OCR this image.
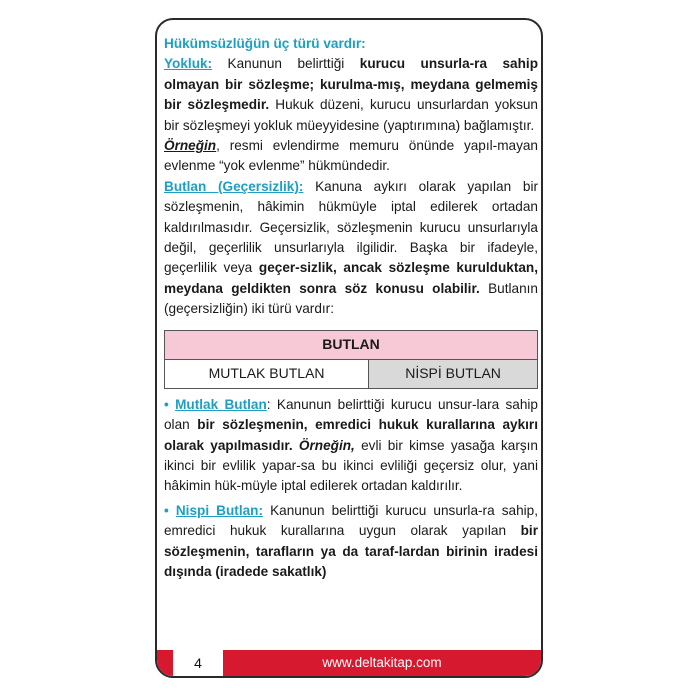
Hükümsüzlüğün üç türü vardır:

Yokluk: Kanunun belirttiği kurucu unsurla-ra sahip olmayan bir sözleşme; kurulma-mış, meydana gelmemiş bir sözleşmedir. Hukuk düzeni, kurucu unsurlardan yoksun bir sözleşmeyi yokluk müeyyidesine (yaptırımına) bağlamıştır.

Örneğin, resmi evlendirme memuru önünde yapıl-mayan evlenme “yok evlenme” hükmündedir.

Butlan (Geçersizlik): Kanuna aykırı olarak yapılan bir sözleşmenin, hâkimin hükmüyle iptal edilerek ortadan kaldırılmasıdır. Geçersizlik, sözleşmenin kurucu unsurlarıyla değil, geçerlilik unsurlarıyla ilgilidir. Başka bir ifadeyle, geçerlilik veya geçer-sizlik, ancak sözleşme kurulduktan, meydana geldikten sonra söz konusu olabilir. Butlanın (geçersizliğin) iki türü vardır:

BUTLAN
MUTLAK BUTLAN	NİSPİ BUTLAN

• Mutlak Butlan: Kanunun belirttiği kurucu unsur-lara sahip olan bir sözleşmenin, emredici hukuk kurallarına aykırı olarak yapılmasıdır. Örneğin, evli bir kimse yasağa karşın ikinci bir evlilik yapar-sa bu ikinci evliliği geçersiz olur, yani hâkimin hük-müyle iptal edilerek ortadan kaldırılır.

• Nispi Butlan: Kanunun belirttiği kurucu unsurla-ra sahip, emredici hukuk kurallarına uygun olarak yapılan bir sözleşmenin, tarafların ya da taraf-lardan birinin iradesi dışında (iradede sakatlık)

4	www.deltakitap.com
